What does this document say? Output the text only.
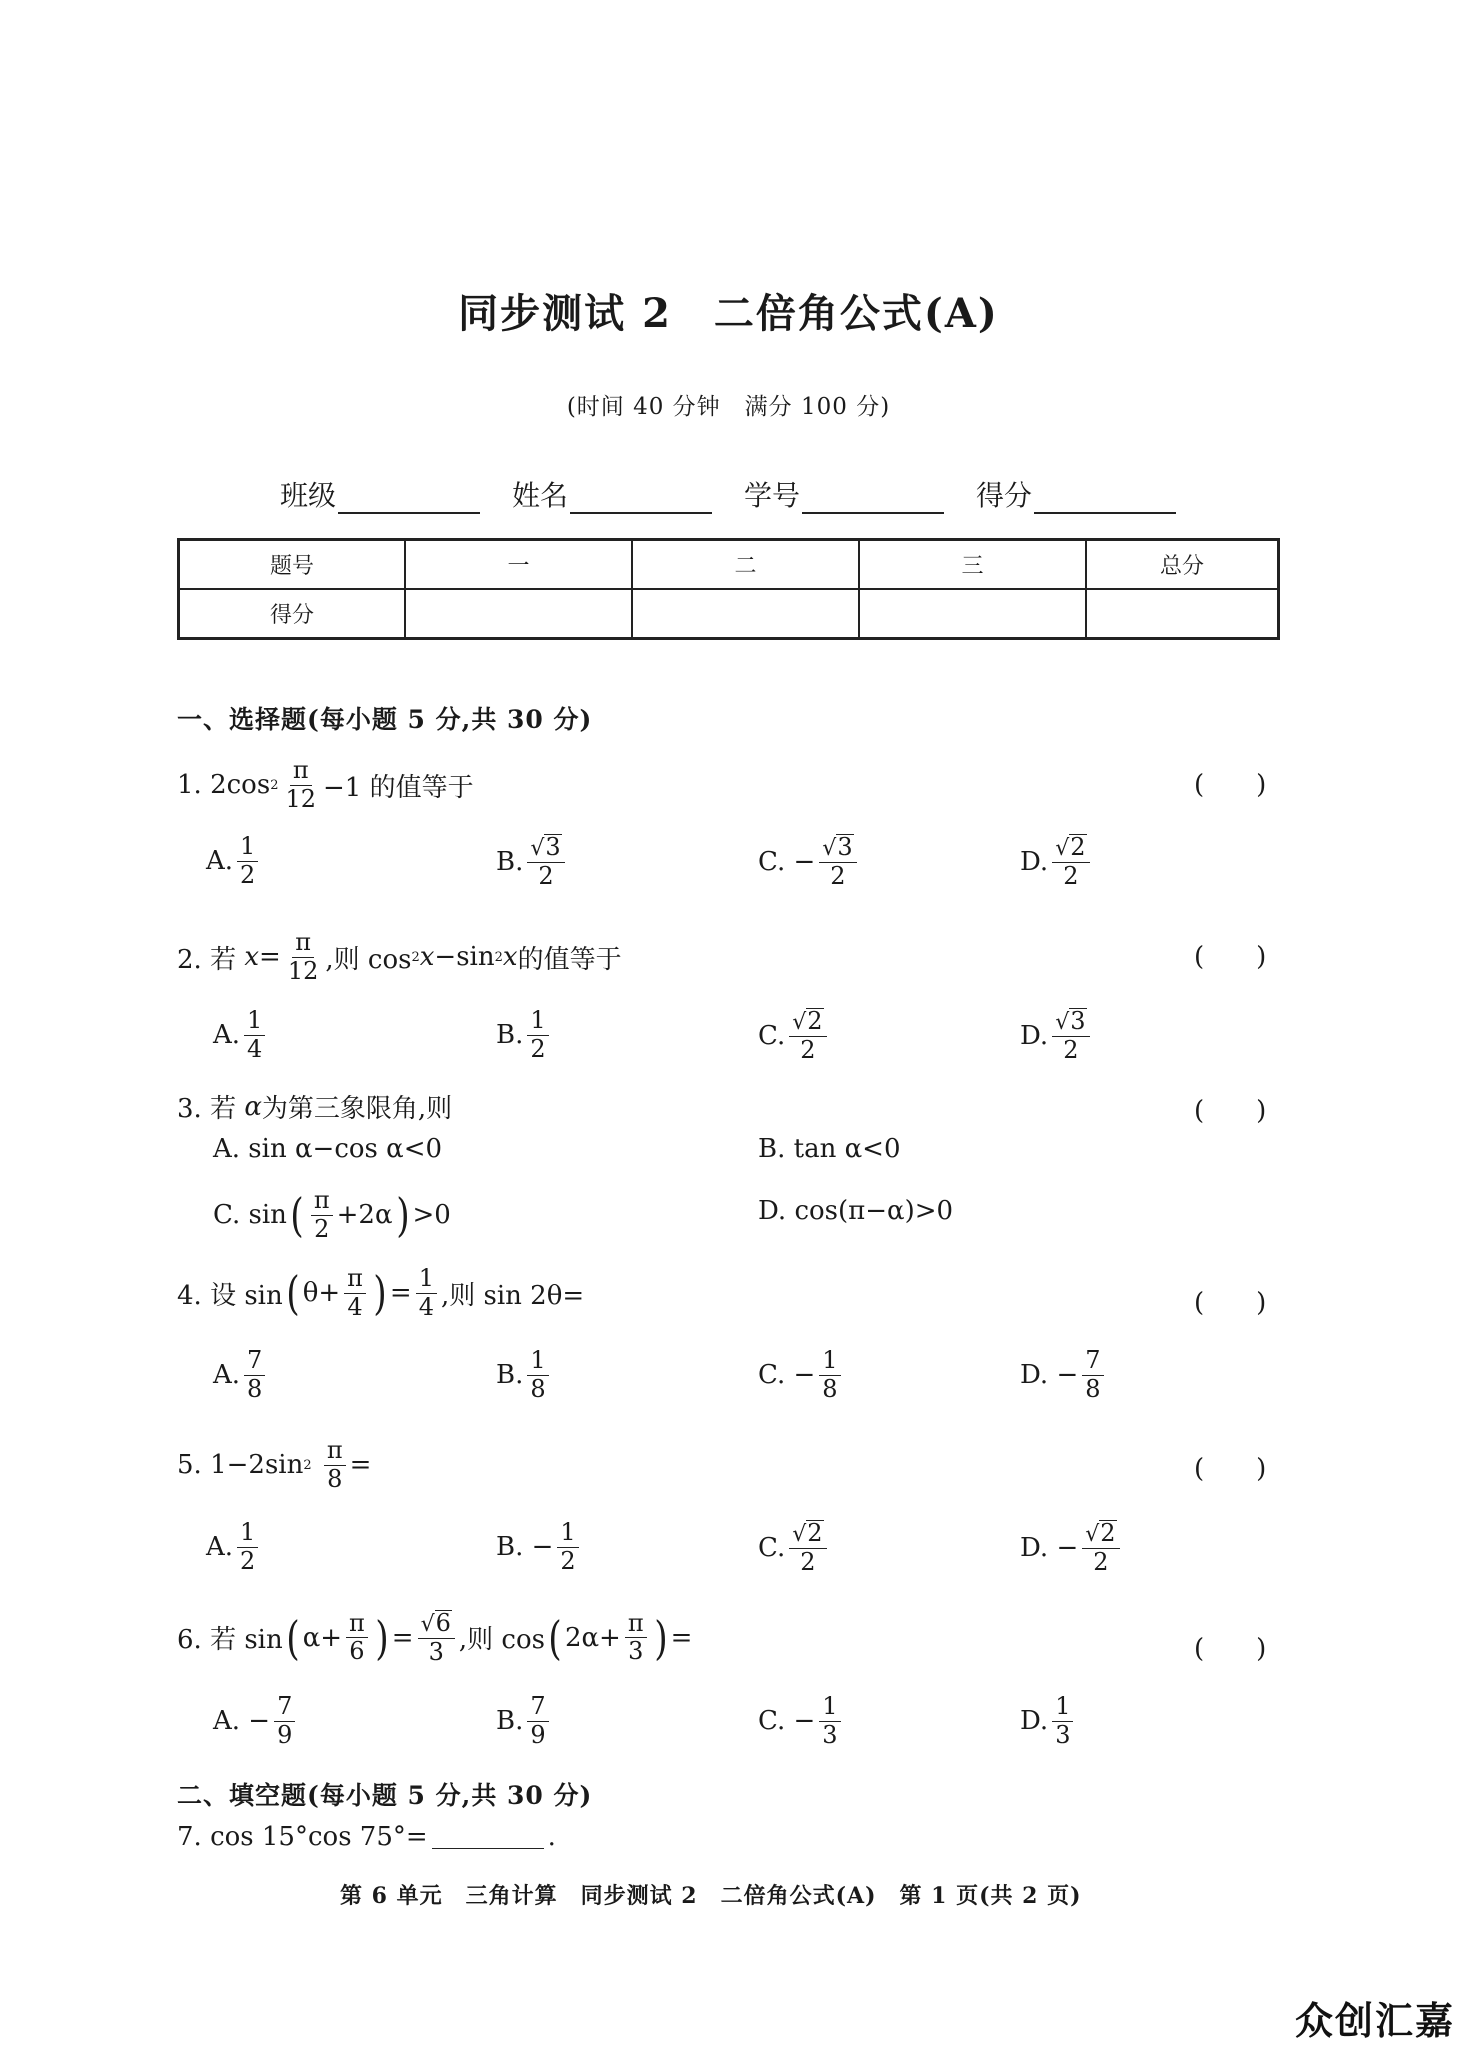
同步测试 2　二倍角公式(A)
(时间 40 分钟　满分 100 分)
班级	姓名	学号	得分
题号	一	二	三	总分
得分				
一、选择题(每小题 5 分,共 30 分)
1.
2cos $2 \frac{\pi}{12} -1$ 的值等于	(　　)
A. $\frac{1}{2}$	B. $\frac{√ 3}{2}$	C. − $\frac{√ 3}{2}$	D. $\frac{√ 2}{2}$
2. 若
$x = \frac{\pi}{12}$ ,则 cos 2 x −sin 2 x 的值等于	(　　)
A. $\frac{1}{4}$	B. $\frac{1}{2}$	C. $\frac{√ 2}{2}$	D. $\frac{√ 3}{2}$
3. 若
α 为第三象限角,则	(　　)
A. sin α−cos α<0	B. tan α<0
C. sin ( $\frac{\pi}{2} +2\alpha$ ) >0	D. cos(π−α)>0
4. 设 sin ( $\theta+ \frac{\pi}{4}$ ) = $\frac{1}{4}$ ,则 sin 2θ=	(　　)
A. $\frac{7}{8}$	B. $\frac{1}{8}$	C. − $\frac{1}{8}$	D. − $\frac{7}{8}$
5. 1−2sin 2
$\frac{\pi}{8}$ =	(　　)
A. $\frac{1}{2}$	B. − $\frac{1}{2}$	C. $\frac{√ 2}{2}$	D. − $\frac{√ 2}{2}$
6. 若 sin ( $\alpha+ \frac{\pi}{6}$ ) = $\frac{√ 6}{3}$ ,则 cos ( $2\alpha+ \frac{\pi}{3}$ ) =	(　　)
A. − $\frac{7}{9}$	B. $\frac{7}{9}$	C. − $\frac{1}{3}$	D. $\frac{1}{3}$
二、填空题(每小题 5 分,共 30 分)
7. cos 15°cos 75°=	.
第 6 单元　三角计算　同步测试 2　二倍角公式(A)　第 1 页(共 2 页)
众创汇嘉
